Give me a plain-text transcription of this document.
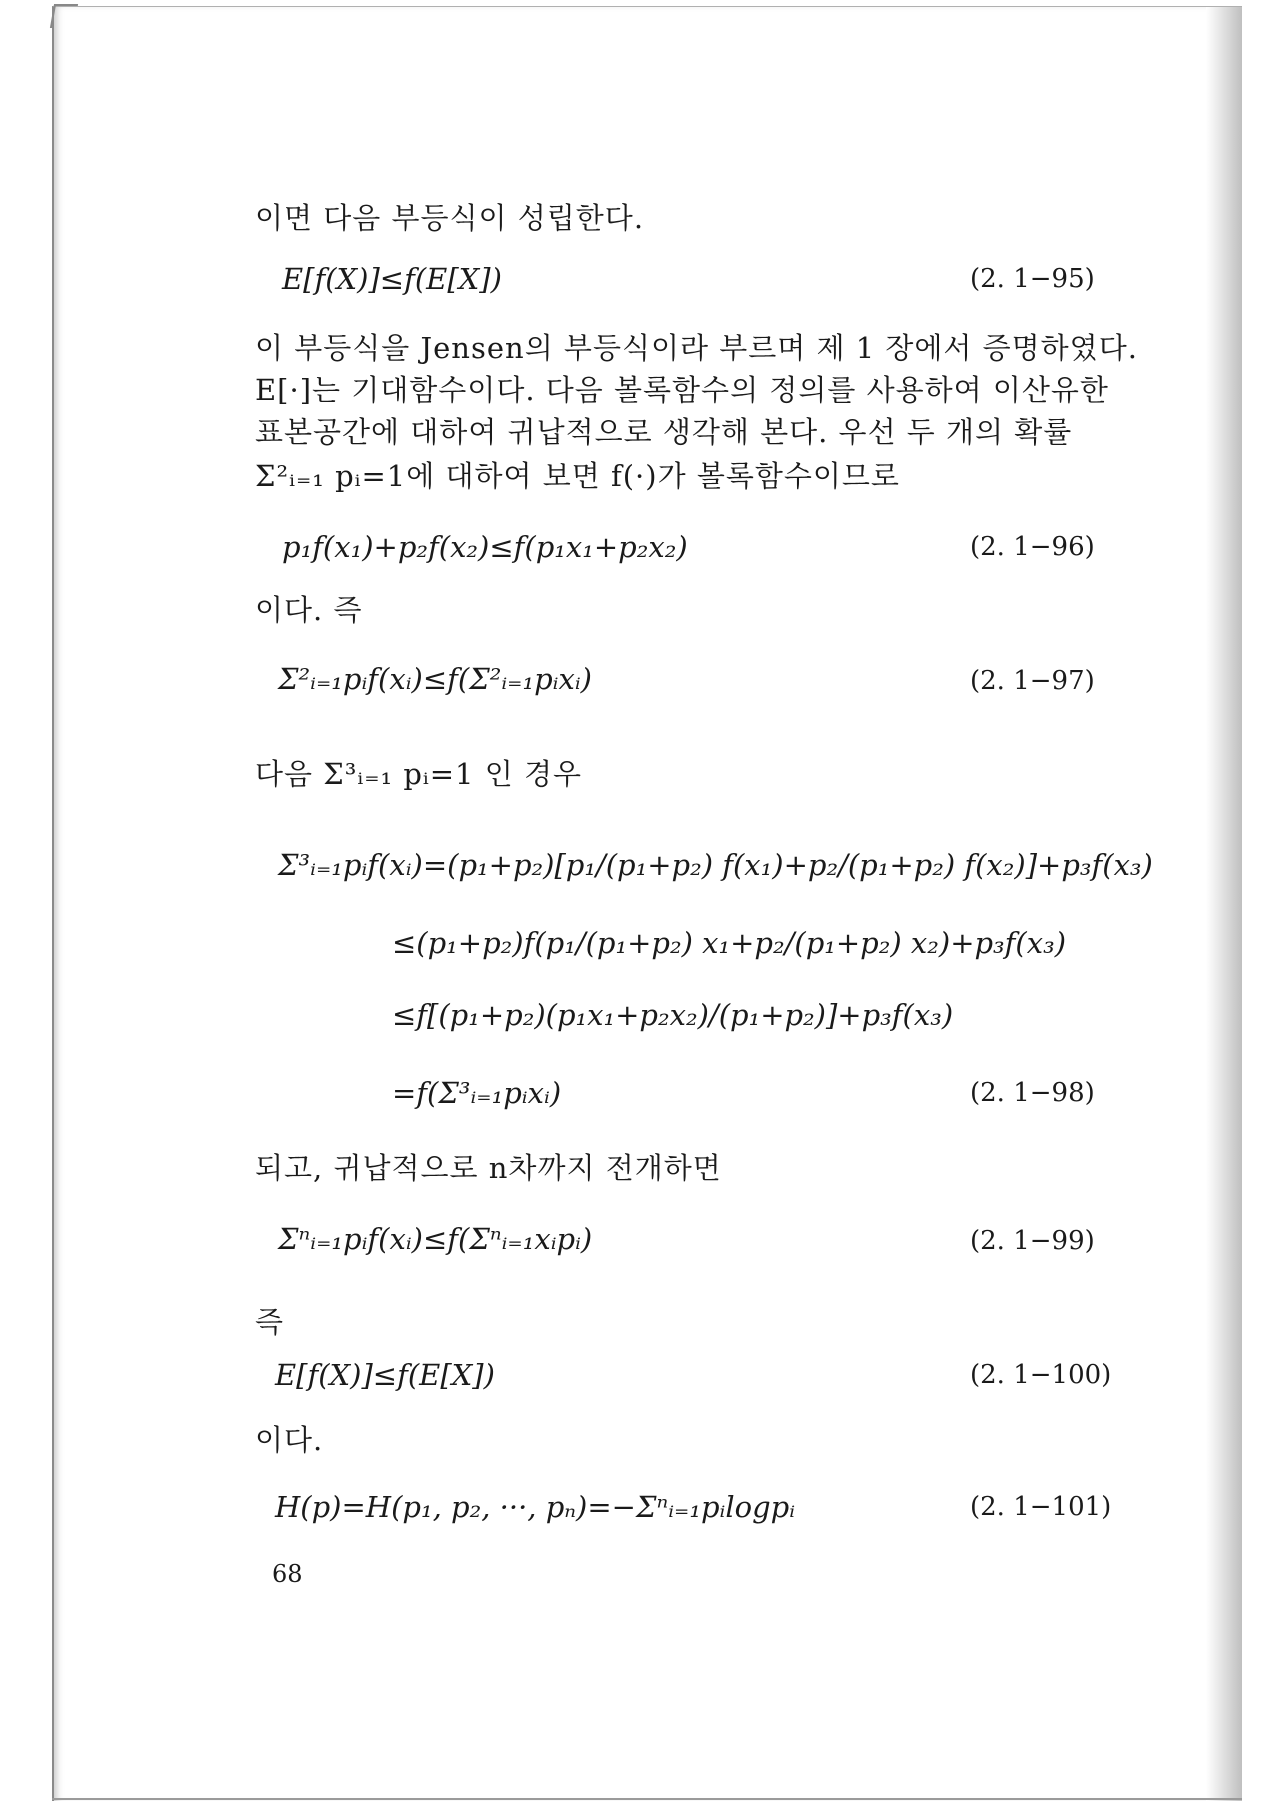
이면 다음 부등식이 성립한다.
E[f(X)]≤f(E[X])	(2. 1−95)
이 부등식을 Jensen의 부등식이라 부르며 제 1 장에서 증명하였다.
E[·]는 기대함수이다. 다음 볼록함수의 정의를 사용하여 이산유한
표본공간에 대하여 귀납적으로 생각해 본다. 우선 두 개의 확률
Σ²ᵢ₌₁ pᵢ=1에 대하여 보면 f(·)가 볼록함수이므로
p₁f(x₁)+p₂f(x₂)≤f(p₁x₁+p₂x₂)	(2. 1−96)
이다. 즉
Σ²ᵢ₌₁pᵢf(xᵢ)≤f(Σ²ᵢ₌₁pᵢxᵢ)	(2. 1−97)
다음 Σ³ᵢ₌₁ pᵢ=1 인 경우
Σ³ᵢ₌₁pᵢf(xᵢ)=(p₁+p₂)[p₁/(p₁+p₂) f(x₁)+p₂/(p₁+p₂) f(x₂)]+p₃f(x₃)
≤(p₁+p₂)f(p₁/(p₁+p₂) x₁+p₂/(p₁+p₂) x₂)+p₃f(x₃)
≤f[(p₁+p₂)(p₁x₁+p₂x₂)/(p₁+p₂)]+p₃f(x₃)
=f(Σ³ᵢ₌₁pᵢxᵢ)	(2. 1−98)
되고, 귀납적으로 n차까지 전개하면
Σⁿᵢ₌₁pᵢf(xᵢ)≤f(Σⁿᵢ₌₁xᵢpᵢ)	(2. 1−99)
즉
E[f(X)]≤f(E[X])	(2. 1−100)
이다.
H(p)=H(p₁, p₂, ···, pₙ)=−Σⁿᵢ₌₁pᵢlogpᵢ	(2. 1−101)
68
